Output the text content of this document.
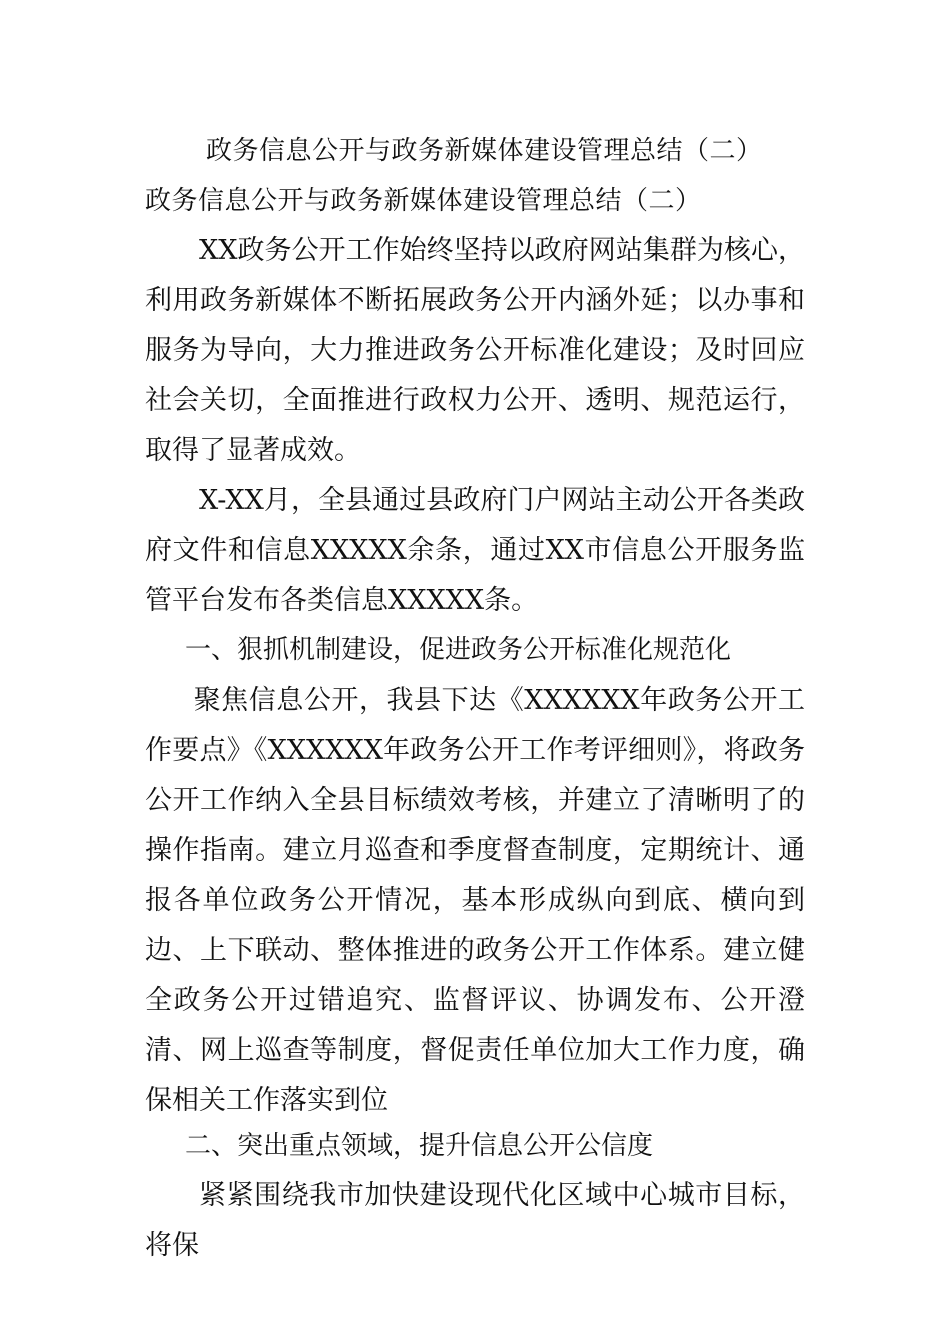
政务信息公开与政务新媒体建设管理总结（二）
政务信息公开与政务新媒体建设管理总结（二）

XX政务公开工作始终坚持以政府网站集群为核心，利用政务新媒体不断拓展政务公开内涵外延；以办事和服务为导向，大力推进政务公开标准化建设；及时回应社会关切，全面推进行政权力公开、透明、规范运行，取得了显著成效。

X-XX月，全县通过县政府门户网站主动公开各类政府文件和信息XXXXX余条，通过XX市信息公开服务监管平台发布各类信息XXXXX条。

一、狠抓机制建设，促进政务公开标准化规范化

聚焦信息公开，我县下达《XXXXXX年政务公开工作要点》《XXXXXX年政务公开工作考评细则》，将政务公开工作纳入全县目标绩效考核，并建立了清晰明了的操作指南。建立月巡查和季度督查制度，定期统计、通报各单位政务公开情况，基本形成纵向到底、横向到边、上下联动、整体推进的政务公开工作体系。建立健全政务公开过错追究、监督评议、协调发布、公开澄清、网上巡查等制度，督促责任单位加大工作力度，确保相关工作落实到位

二、突出重点领域，提升信息公开公信度

紧紧围绕我市加快建设现代化区域中心城市目标，将保
